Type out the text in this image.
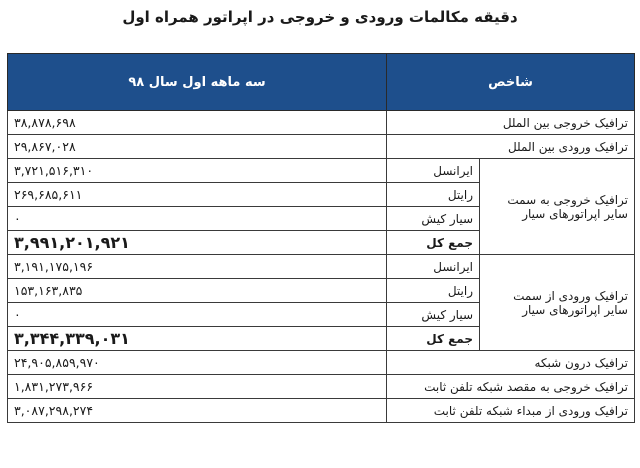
دقیقه مکالمات ورودی و خروجی در اپراتور همراه اول
شاخص		سه ماهه اول سال ۹۸
ترافیک خروجی بین الملل		۳۸,۸۷۸,۶۹۸
ترافیک ورودی بین الملل		۲۹,۸۶۷,۰۲۸
ترافیک خروجی به سمت سایر اپراتورهای سیار	ایرانسل	۳,۷۲۱,۵۱۶,۳۱۰
	رایتل	۲۶۹,۶۸۵,۶۱۱
	سیار کیش	۰
	جمع کل	۳,۹۹۱,۲۰۱,۹۲۱
ترافیک ورودی از سمت سایر اپراتورهای سیار	ایرانسل	۳,۱۹۱,۱۷۵,۱۹۶
	رایتل	۱۵۳,۱۶۳,۸۳۵
	سیار کیش	۰
	جمع کل	۳,۳۴۴,۳۳۹,۰۳۱
ترافیک درون شبکه		۲۴,۹۰۵,۸۵۹,۹۷۰
ترافیک خروجی به مقصد شبکه تلفن ثابت		۱,۸۳۱,۲۷۳,۹۶۶
ترافیک ورودی از مبداء شبکه تلفن ثابت		۳,۰۸۷,۲۹۸,۲۷۴
